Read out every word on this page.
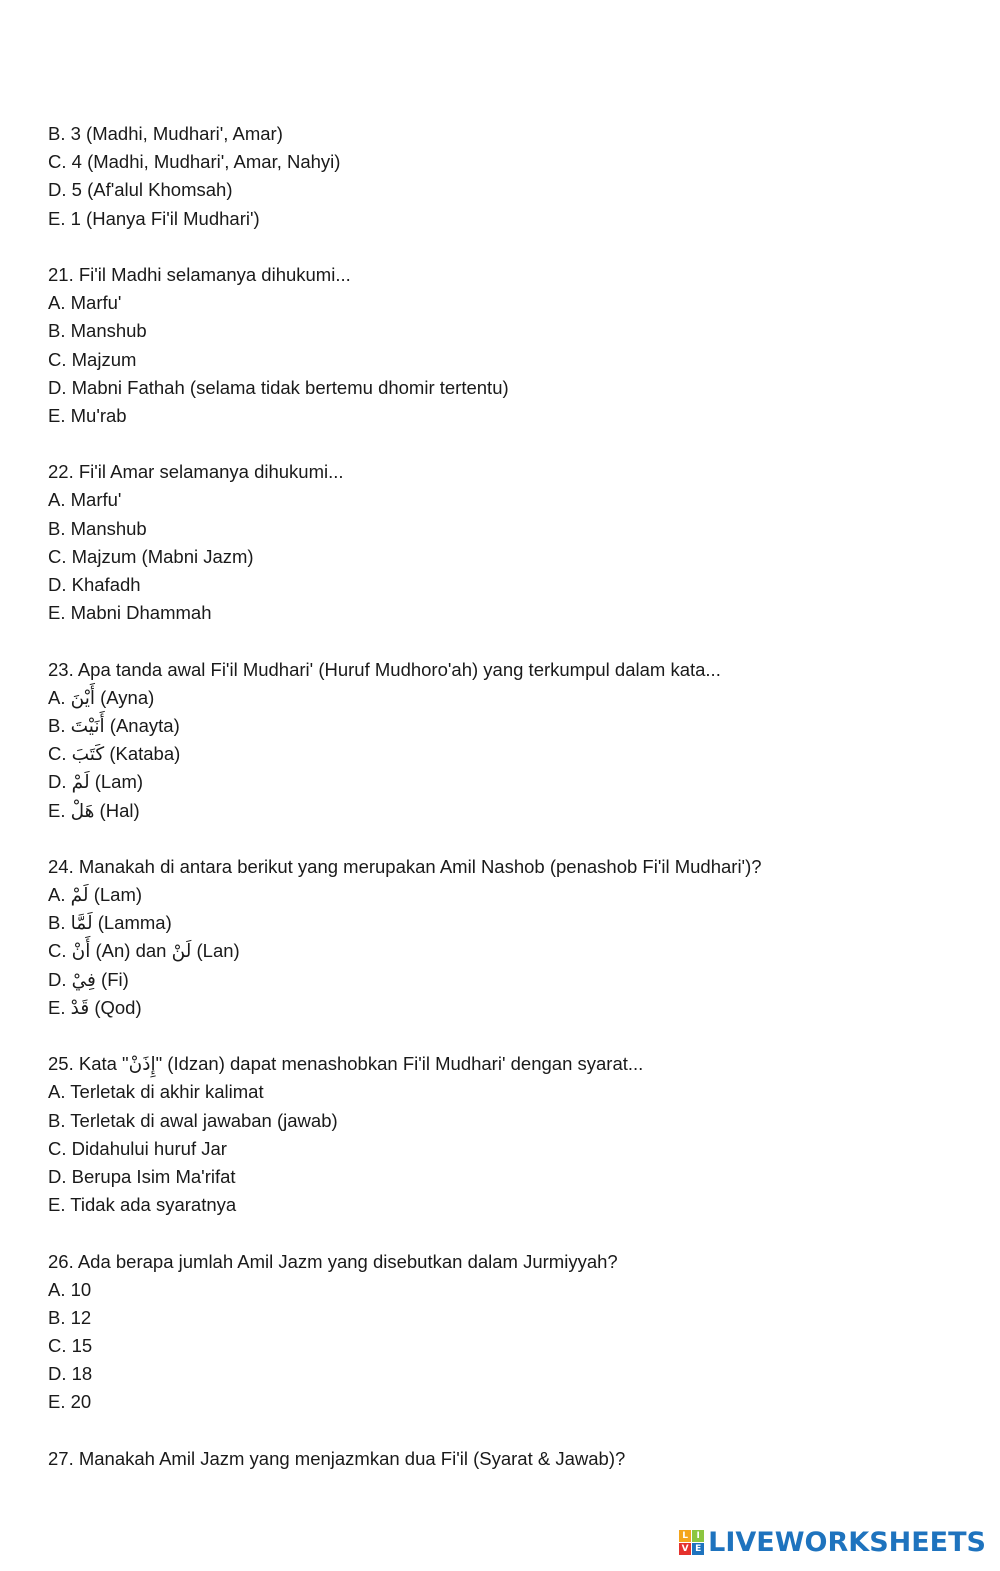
B. 3 (Madhi, Mudhari', Amar)
C. 4 (Madhi, Mudhari', Amar, Nahyi)
D. 5 (Af'alul Khomsah)
E. 1 (Hanya Fi'il Mudhari')
21. Fi'il Madhi selamanya dihukumi...
A. Marfu'
B. Manshub
C. Majzum
D. Mabni Fathah (selama tidak bertemu dhomir tertentu)
E. Mu'rab
22. Fi'il Amar selamanya dihukumi...
A. Marfu'
B. Manshub
C. Majzum (Mabni Jazm)
D. Khafadh
E. Mabni Dhammah
23. Apa tanda awal Fi'il Mudhari' (Huruf Mudhoro'ah) yang terkumpul dalam kata...
A. أَيْنَ (Ayna)
B. أَنَيْتَ (Anayta)
C. كَتَبَ (Kataba)
D. لَمْ (Lam)
E. هَلْ (Hal)
24. Manakah di antara berikut yang merupakan Amil Nashob (penashob Fi'il Mudhari')?
A. لَمْ (Lam)
B. لَمَّا (Lamma)
C. أَنْ (An) dan لَنْ (Lan)
D. فِيْ (Fi)
E. قَدْ (Qod)
25. Kata "إِذَنْ" (Idzan) dapat menashobkan Fi'il Mudhari' dengan syarat...
A. Terletak di akhir kalimat
B. Terletak di awal jawaban (jawab)
C. Didahului huruf Jar
D. Berupa Isim Ma'rifat
E. Tidak ada syaratnya
26. Ada berapa jumlah Amil Jazm yang disebutkan dalam Jurmiyyah?
A. 10
B. 12
C. 15
D. 18
E. 20
27. Manakah Amil Jazm yang menjazmkan dua Fi'il (Syarat & Jawab)?
L I
V E LIVEWORKSHEETS
